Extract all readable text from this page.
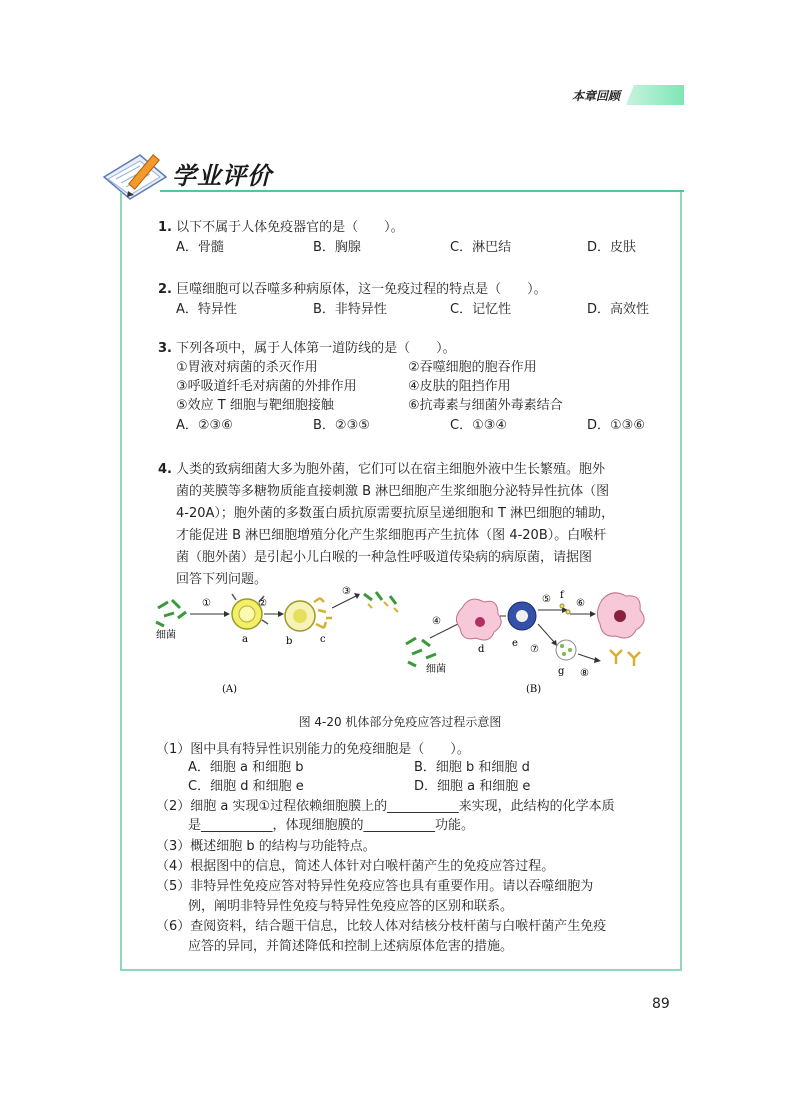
本章回顾
学业评价
1. 以下不属于人体免疫器官的是（　　）。
A．骨髓	B．胸腺	C．淋巴结	D．皮肤
2. 巨噬细胞可以吞噬多种病原体，这一免疫过程的特点是（　　）。
A．特异性	B．非特异性	C．记忆性	D．高效性
3. 下列各项中，属于人体第一道防线的是（　　）。
①胃液对病菌的杀灭作用	②吞噬细胞的胞吞作用
③呼吸道纤毛对病菌的外排作用	④皮肤的阻挡作用
⑤效应 T 细胞与靶细胞接触	⑥抗毒素与细菌外毒素结合
A．②③⑥	B．②③⑤	C．①③④	D．①③⑥
4. 人类的致病细菌大多为胞外菌，它们可以在宿主细胞外液中生长繁殖。胞外
菌的荚膜等多糖物质能直接刺激 B 淋巴细胞产生浆细胞分泌特异性抗体（图
4-20A）；胞外菌的多数蛋白质抗原需要抗原呈递细胞和 T 淋巴细胞的辅助，
才能促进 B 淋巴细胞增殖分化产生浆细胞再产生抗体（图 4-20B）。白喉杆
菌（胞外菌）是引起小儿白喉的一种急性呼吸道传染病的病原菌，请据图
回答下列问题。
①
a
②
b	c
③
细菌
细菌
④
d
e
⑤ f
⑥
⑦
g ⑧
(A)	(B)
图 4-20 机体部分免疫应答过程示意图
（1）图中具有特异性识别能力的免疫细胞是（　　）。
A．细胞 a 和细胞 b	B．细胞 b 和细胞 d
C．细胞 d 和细胞 e	D．细胞 a 和细胞 e
（2）细胞 a 实现①过程依赖细胞膜上的___________来实现，此结构的化学本质
是___________，体现细胞膜的___________功能。
（3）概述细胞 b 的结构与功能特点。
（4）根据图中的信息，简述人体针对白喉杆菌产生的免疫应答过程。
（5）非特异性免疫应答对特异性免疫应答也具有重要作用。请以吞噬细胞为
例，阐明非特异性免疫与特异性免疫应答的区别和联系。
（6）查阅资料，结合题干信息，比较人体对结核分枝杆菌与白喉杆菌产生免疫
应答的异同，并简述降低和控制上述病原体危害的措施。
89
